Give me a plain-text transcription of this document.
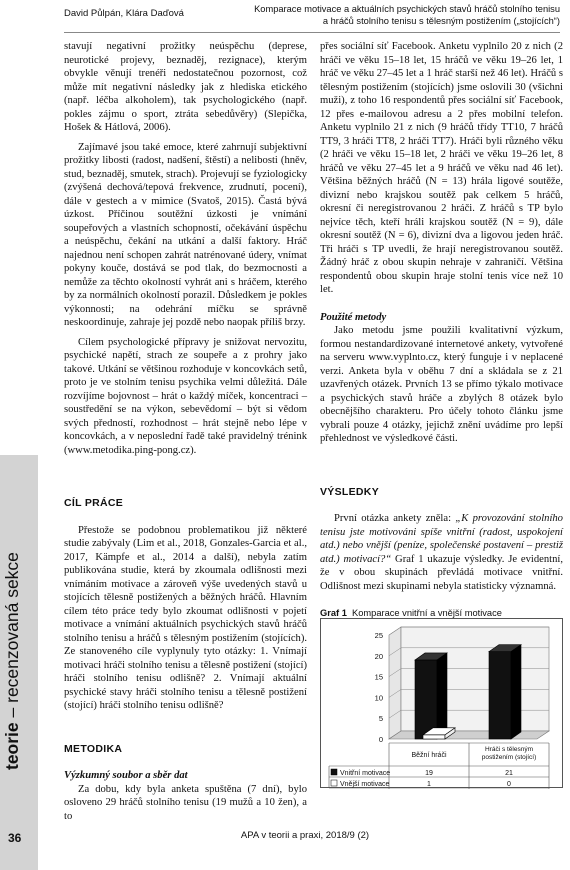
David Půlpán, Klára Daďová	Komparace motivace a aktuálních psychických stavů hráčů stolního tenisu
a hráčů stolního tenisu s tělesným postižením („stojících“)
teorie – recenzovaná sekce
36

stavují negativní prožitky neúspěchu (deprese, neurotické projevy, beznaděj, rezignace), kterým obvykle věnují trenéři nedostatečnou pozornost, což může mít negativní následky jak z hlediska etického (např. léčba alkoholem), tak psychologického (např. pokles zájmu o sport, ztráta sebedůvěry) (Slepička, Hošek & Hátlová, 2006).

Zajímavé jsou také emoce, které zahrnují subjektivní prožitky libosti (radost, nadšení, štěstí) a nelibosti (hněv, stud, beznaděj, smutek, strach). Projevují se fyziologicky (zvýšená dechová/tepová frekvence, zrudnutí, pocení), dále v gestech a v mimice (Svatoš, 2015). Častá bývá úzkost. Příčinou soutěžní úzkosti je vnímání soupeřových a vlastních schopností, očekávání úspěchu a neúspěchu, čekání na utkání a další faktory. Hráč najednou není schopen zahrát natrénované údery, vnímat pokyny kouče, dostává se pod tlak, do bezmocnosti a nemůže za těchto okolností vyhrát ani s hráčem, kterého by za normálních okolností porazil. Důsledkem je pokles výkonnosti; na odehrání míčku se správně neskoordinuje, zahraje jej pozdě nebo naopak příliš brzy.

Cílem psychologické přípravy je snižovat nervozitu, psychické napětí, strach ze soupeře a z prohry jako takové. Utkání se většinou rozhoduje v koncovkách setů, proto je ve stolním tenisu psychika velmi důležitá. Dále rozvíjíme bojovnost – hrát o každý míček, koncentraci – soustředění se na výkon, sebevědomí – být si vědom svých předností, rozhodnost – hrát stejně nebo lépe v koncovkách, a v neposlední řadě také pravidelný trénink (www.metodika.ping-pong.cz).

CÍL PRÁCE

Přestože se podobnou problematikou již některé studie zabývaly (Lim et al., 2018, Gonzales-Garcia et al., 2017, Kämpfe et al., 2014 a další), nebyla zatím publikována studie, která by zkoumala odlišnosti mezi vnímáním motivace a zároveň výše uvedených stavů u stojících tělesně postižených a běžných hráčů. Hlavním cílem této práce tedy bylo zkoumat odlišnosti v pojetí motivace a vnímání aktuálních psychických stavů hráčů stolního tenisu a hráčů s tělesným postižením (stojících). Ze stanoveného cíle vyplynuly tyto otázky: 1. Vnímají motivaci hráči stolního tenisu a tělesně postižení (stojící) hráči stolního tenisu odlišně? 2. Vnímají aktuální psychické stavy hráči stolního tenisu a tělesně postižení (stojící) hráči stolního tenisu odlišně?

METODIKA

Výzkumný soubor a sběr dat

Za dobu, kdy byla anketa spuštěna (7 dní), bylo osloveno 29 hráčů stolního tenisu (19 mužů a 10 žen), a to

přes sociální síť Facebook. Anketu vyplnilo 20 z nich (2 hráči ve věku 15–18 let, 15 hráčů ve věku 19–26 let, 1 hráč ve věku 27–45 let a 1 hráč starší než 46 let). Hráčů s tělesným postižením (stojících) jsme oslovili 30 (všichni muži), z toho 16 respondentů přes sociální síť Facebook, 12 přes e-mailovou adresu a 2 přes mobilní telefon. Anketu vyplnilo 21 z nich (9 hráčů třídy TT10, 7 hráčů TT9, 3 hráči TT8, 2 hráči TT7). Hráči byli různého věku (2 hráči ve věku 15–18 let, 2 hráči ve věku 19–26 let, 8 hráčů ve věku 27–45 let a 9 hráčů ve věku nad 46 let). Většina běžných hráčů (N = 13) hrála ligové soutěže, divizní nebo krajskou soutěž pak celkem 5 hráčů, okresní či neregistrovanou 2 hráči. Z hráčů s TP bylo nejvíce těch, kteří hráli krajskou soutěž (N = 9), dále okresní soutěž (N = 6), divizní dva a ligovou jeden hráč. Tři hráči s TP uvedli, že hrají neregistrovanou soutěž. Žádný hráč z obou skupin nehraje v zahraničí. Většina respondentů obou skupin hraje stolní tenis více než 10 let.

Použité metody

Jako metodu jsme použili kvalitativní výzkum, formou nestandardizované internetové ankety, vytvořené na serveru www.vyplnto.cz, který funguje i v neplacené verzi. Anketa byla v oběhu 7 dní a skládala se z 21 uzavřených otázek. Prvních 13 se přímo týkalo motivace a psychických stavů hráče a zbylých 8 otázek bylo obecnějšího charakteru. Pro účely tohoto článku jsme vybrali pouze 4 otázky, jejichž znění uvádíme pro lepší přehlednost ve výsledkové části.

VÝSLEDKY

První otázka ankety zněla: „K provozování stolního tenisu jste motivováni spíše vnitřní (radost, uspokojení atd.) nebo vnější (peníze, společenské postavení – prestiž atd.) motivací?“ Graf 1 ukazuje výsledky. Je evidentní, že v obou skupinách převládá motivace vnitřní. Odlišnost mezi skupinami nebyla statisticky významná.

Graf 1 Komparace vnitřní a vnější motivace

0
5
10
15
20
25
Běžní hráči
Hráči s tělesným
postižením (stojící)
Vnitřní motivace	19	21
Vnější motivace	1	0
APA v teorii a praxi, 2018/9 (2)
